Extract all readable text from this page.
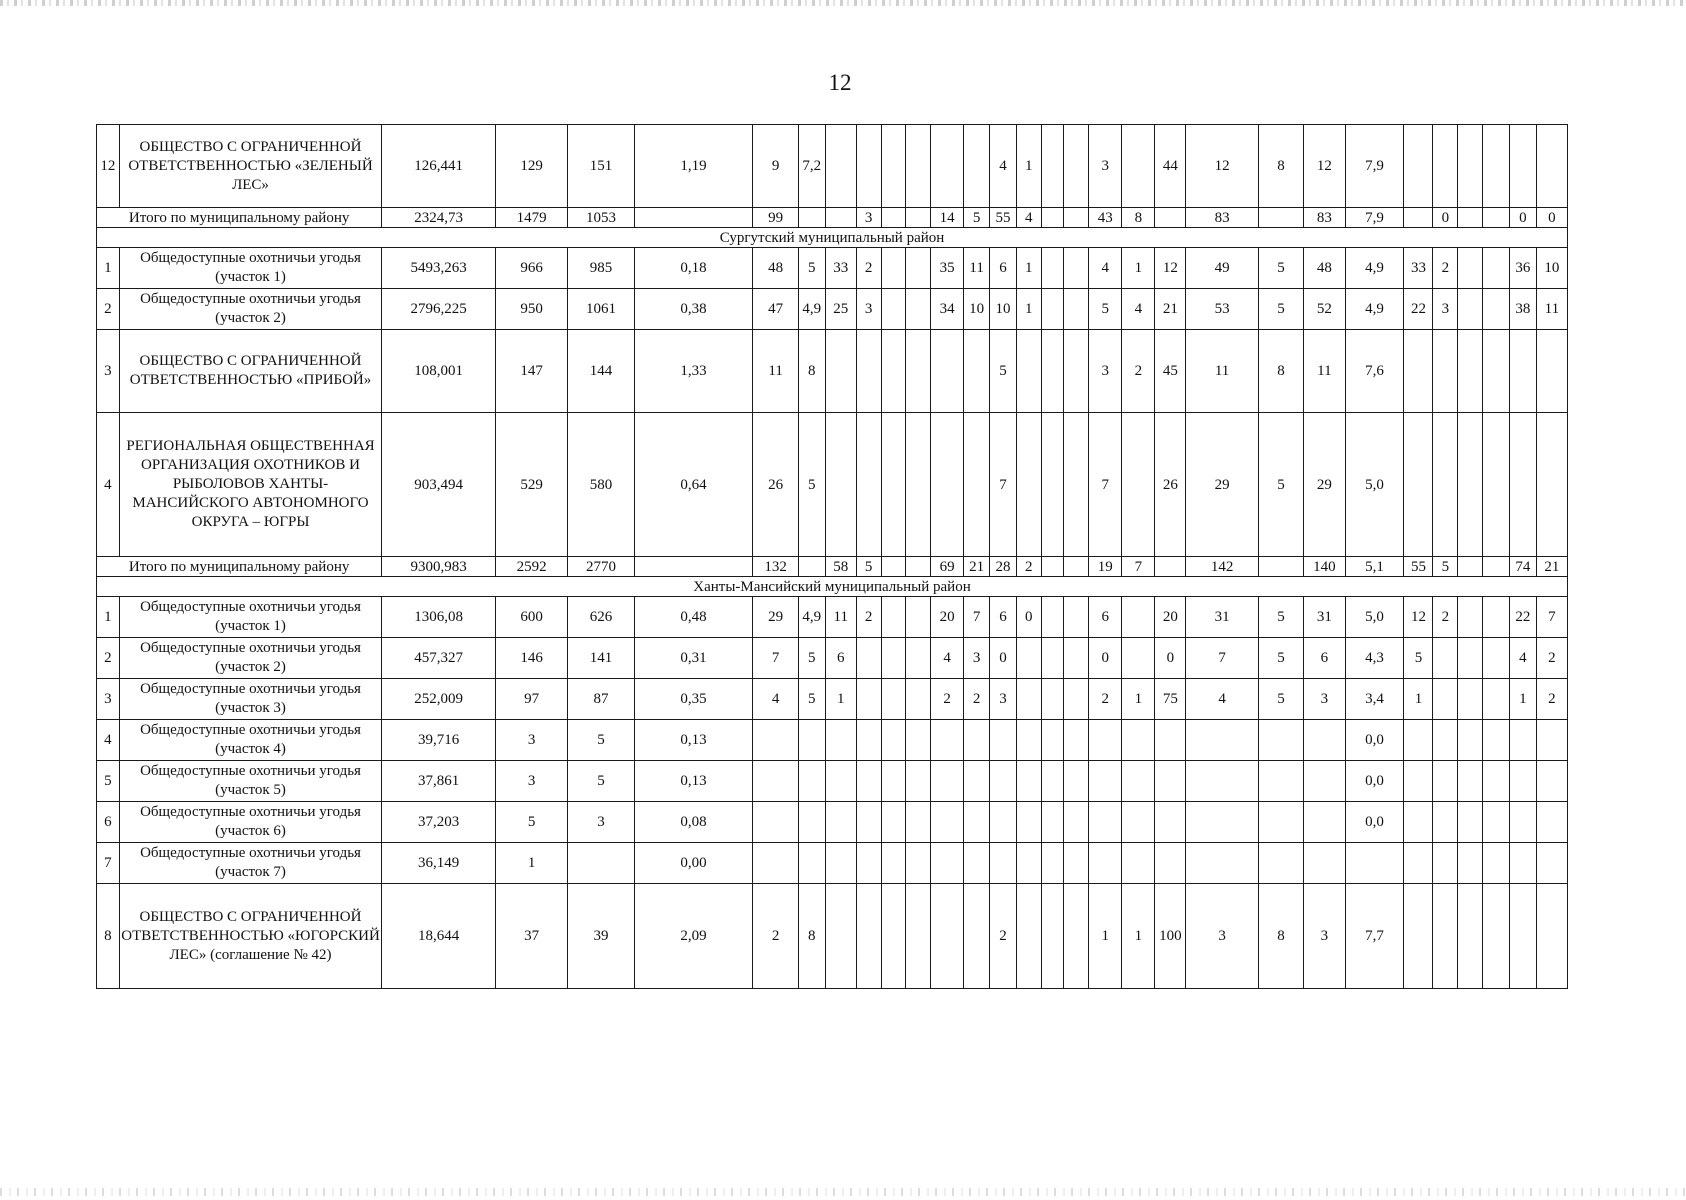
12
12	ОБЩЕСТВО С ОГРАНИЧЕННОЙ ОТВЕТСТВЕННОСТЬЮ «ЗЕЛЕНЫЙ ЛЕС»	126,441	129	151	1,19	9	7,2							4	1			3		44	12	8	12	7,9						
Итого по муниципальному району		2324,73	1479	1053		99			3			14	5	55	4			43	8		83		83	7,9		0			0	0
Сургутский муниципальный район																														
1	Общедоступные охотничьи угодья (участок 1)	5493,263	966	985	0,18	48	5	33	2			35	11	6	1			4	1	12	49	5	48	4,9	33	2			36	10
2	Общедоступные охотничьи угодья (участок 2)	2796,225	950	1061	0,38	47	4,9	25	3			34	10	10	1			5	4	21	53	5	52	4,9	22	3			38	11
3	ОБЩЕСТВО С ОГРАНИЧЕННОЙ ОТВЕТСТВЕННОСТЬЮ «ПРИБОЙ»	108,001	147	144	1,33	11	8							5				3	2	45	11	8	11	7,6						
4	РЕГИОНАЛЬНАЯ ОБЩЕСТВЕННАЯ ОРГАНИЗАЦИЯ ОХОТНИКОВ И РЫБОЛОВОВ ХАНТЫ-МАНСИЙСКОГО АВТОНОМНОГО ОКРУГА – ЮГРЫ	903,494	529	580	0,64	26	5							7				7		26	29	5	29	5,0						
Итого по муниципальному району		9300,983	2592	2770		132		58	5			69	21	28	2			19	7		142		140	5,1	55	5			74	21
Ханты-Мансийский муниципальный район																														
1	Общедоступные охотничьи угодья (участок 1)	1306,08	600	626	0,48	29	4,9	11	2			20	7	6	0			6		20	31	5	31	5,0	12	2			22	7
2	Общедоступные охотничьи угодья (участок 2)	457,327	146	141	0,31	7	5	6				4	3	0				0		0	7	5	6	4,3	5				4	2
3	Общедоступные охотничьи угодья (участок 3)	252,009	97	87	0,35	4	5	1				2	2	3				2	1	75	4	5	3	3,4	1				1	2
4	Общедоступные охотничьи угодья (участок 4)	39,716	3	5	0,13																			0,0						
5	Общедоступные охотничьи угодья (участок 5)	37,861	3	5	0,13																			0,0						
6	Общедоступные охотничьи угодья (участок 6)	37,203	5	3	0,08																			0,0						
7	Общедоступные охотничьи угодья (участок 7)	36,149	1		0,00																									
8	ОБЩЕСТВО С ОГРАНИЧЕННОЙ ОТВЕТСТВЕННОСТЬЮ «ЮГОРСКИЙ ЛЕС» (соглашение № 42)	18,644	37	39	2,09	2	8							2				1	1	100	3	8	3	7,7						
